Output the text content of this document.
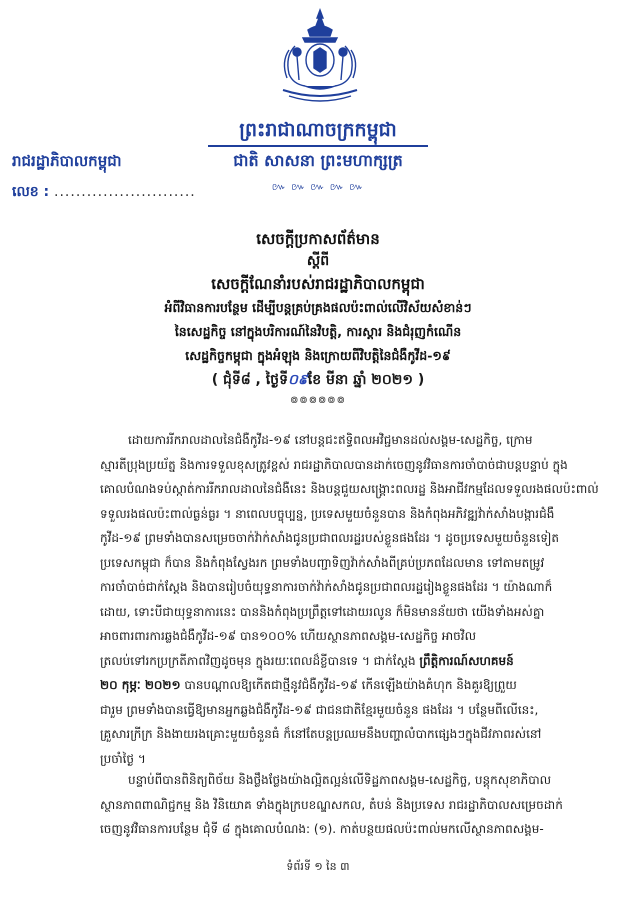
ព្រះរាជាណាចក្រកម្ពុជា
ជាតិ សាសនា ព្រះមហាក្សត្រ
៚ ៚ ៚ ៚ ៚
រាជរដ្ឋាភិបាលកម្ពុជា
លេខ : ..........................
សេចក្តីប្រកាសព័ត៌មាន
ស្តីពី
សេចក្តីណែនាំរបស់រាជរដ្ឋាភិបាលកម្ពុជា
អំពីវិធានការបន្ថែម ដើម្បីបន្តគ្រប់គ្រងផលប៉ះពាល់លើវិស័យសំខាន់ៗ
នៃសេដ្ឋកិច្ច នៅក្នុងបរិការណ៍នៃវិបត្តិ, ការស្តារ និងជំរុញកំណើន
សេដ្ឋកិច្ចកម្ពុជា ក្នុងអំឡុង និងក្រោយពីវិបត្តិនៃជំងឺកូវីដ-១៩
( ជុំទី៨ , ថ្ងៃទី០៩ខែ មីនា ឆ្នាំ ២០២១ )
៙៙៙៙៙៙
ដោយការរីករាលដាលនៃជំងឺកូវីដ-១៩ នៅបន្តជះឥទ្ធិពលអវិជ្ជមានដល់សង្គម-សេដ្ឋកិច្ច, ក្រោម
ស្មារតីប្រុងប្រយ័ត្ន និងការទទួលខុសត្រូវខ្ពស់ រាជរដ្ឋាភិបាលបានដាក់ចេញនូវវិធានការចាំបាច់ជាបន្តបន្ទាប់ ក្នុង
គោលបំណងទប់ស្កាត់ការរីករាលដាលនៃជំងឺនេះ និងបន្តជួយសង្គ្រោះពលរដ្ឋ និងអាជីវកម្មដែលទទួលរងផលប៉ះពាល់
ទទួលរងផលប៉ះពាល់ធ្ងន់ធ្ងរ ។ នាពេលបច្ចុប្បន្ន, ប្រទេសមួយចំនួនបាន និងកំពុងអភិវឌ្ឍវ៉ាក់សាំងបង្ការជំងឺ
កូវីដ-១៩ ព្រមទាំងបានសម្រេចចាក់វ៉ាក់សាំងជូនប្រជាពលរដ្ឋរបស់ខ្លួនផងដែរ ។ ដូចប្រទេសមួយចំនួនទៀត
ប្រទេសកម្ពុជា ក៏បាន និងកំពុងស្វែងរក ព្រមទាំងបញ្ជាទិញវ៉ាក់សាំងពីគ្រប់ប្រភពដែលមាន ទៅតាមតម្រូវ
ការចាំបាច់ជាក់ស្តែង និងបានរៀបចំយុទ្ធនាការចាក់វ៉ាក់សាំងជូនប្រជាពលរដ្ឋរៀងខ្លួនផងដែរ ។ យ៉ាងណាក៏
ដោយ, ទោះបីជាយុទ្ធនាការនេះ បាននិងកំពុងប្រព្រឹត្តទៅដោយរលូន ក៏មិនមានន័យថា យើងទាំងអស់គ្នា
អាចពារពារការឆ្លងជំងឺកូវីដ-១៩ បាន១០០% ហើយស្ថានភាពសង្គម-សេដ្ឋកិច្ច អាចវិល
ត្រលប់ទៅរកប្រក្រតីភាពវិញដូចមុន ក្នុងរយៈពេលដ៏ខ្លីបានទេ ។ ជាក់ស្តែង ព្រឹត្តិការណ៍សហគមន៍
២០ កុម្ភៈ ២០២១ បានបណ្តាលឱ្យកើតជាថ្មីនូវជំងឺកូវីដ-១៩ កើនឡើងយ៉ាងគំហុក និងគួរឱ្យព្រួយ
ជារួម ព្រមទាំងបានធ្វើឱ្យមានអ្នកឆ្លងជំងឺកូវីដ-១៩ ជាជនជាតិខ្មែរមួយចំនួន ផងដែរ ។ បន្ថែមពីលើនេះ,
គ្រួសារក្រីក្រ និងងាយរងគ្រោះមួយចំនួនធំ ក៏នៅតែបន្តប្រឈមនឹងបញ្ហាលំបាកផ្សេងៗក្នុងជីវភាពរស់នៅ
ប្រចាំថ្ងៃ ។
បន្ទាប់ពីបានពិនិត្យពិច័យ និងថ្លឹងថ្លែងយ៉ាងល្អិតល្អន់លើទិដ្ឋភាពសង្គម-សេដ្ឋកិច្ច, បន្តុកសុខាភិបាល
ស្ថានភាពពាណិជ្ជកម្ម និង វិនិយោគ ទាំងក្នុងក្របខណ្ឌសកល, តំបន់ និងប្រទេស រាជរដ្ឋាភិបាលសម្រេចដាក់
ចេញនូវវិធានការបន្ថែម ជុំទី ៨ ក្នុងគោលបំណង: (១). កាត់បន្ថយផលប៉ះពាល់មកលើស្ថានភាពសង្គម-
ទំព័រទី ១ នៃ ៣
